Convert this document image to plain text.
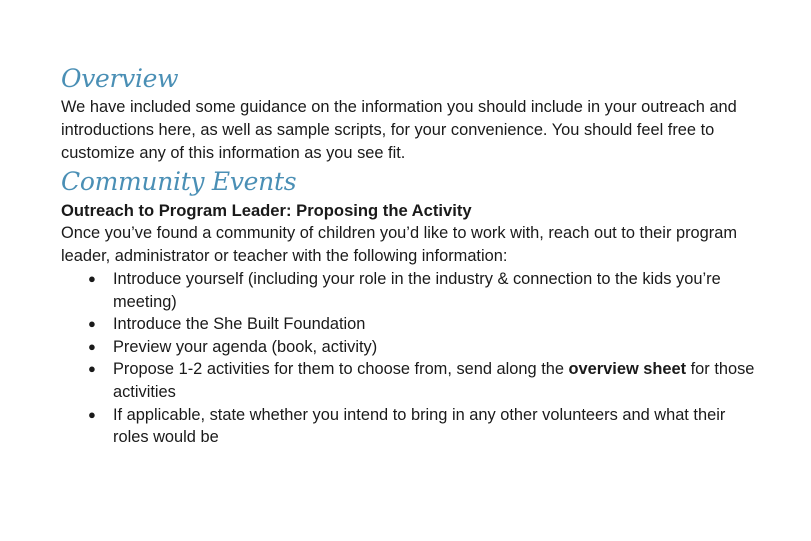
Overview

We have included some guidance on the information you should include in your outreach and introductions here, as well as sample scripts, for your convenience. You should feel free to customize any of this information as you see fit.

Community Events
Outreach to Program Leader: Proposing the Activity

Once you’ve found a community of children you’d like to work with, reach out to their program leader, administrator or teacher with the following information:

● Introduce yourself (including your role in the industry & connection to the kids you’re meeting)
● Introduce the She Built Foundation
● Preview your agenda (book, activity)
● Propose 1-2 activities for them to choose from, send along the overview sheet for those activities
● If applicable, state whether you intend to bring in any other volunteers and what their roles would be
